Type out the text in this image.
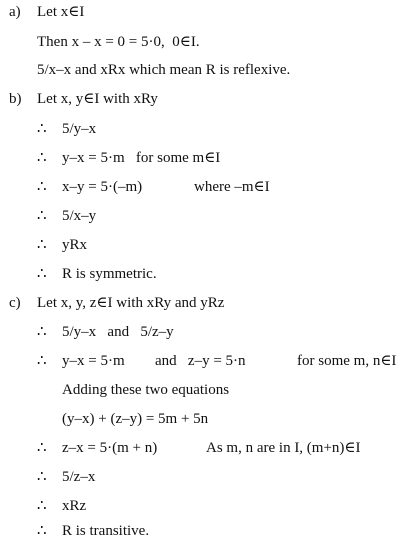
a) Let x∈I
Then x – x = 0 = 5·0,  0∈I.
5/x–x and xRx which mean R is reflexive.
b) Let x, y∈I with xRy
∴ 5/y–x
∴ y–x = 5·m   for some m∈I
∴ x–y = 5·(–m)	where –m∈I
∴ 5/x–y
∴ yRx
∴ R is symmetric.
c) Let x, y, z∈I with xRy and yRz
∴ 5/y–x   and   5/z–y
∴ y–x = 5·m and   z–y = 5·n	for some m, n∈I
Adding these two equations
(y–x) + (z–y) = 5m + 5n
∴ z–x = 5·(m + n)	As m, n are in I, (m+n)∈I
∴ 5/z–x
∴ xRz
∴ R is transitive.
